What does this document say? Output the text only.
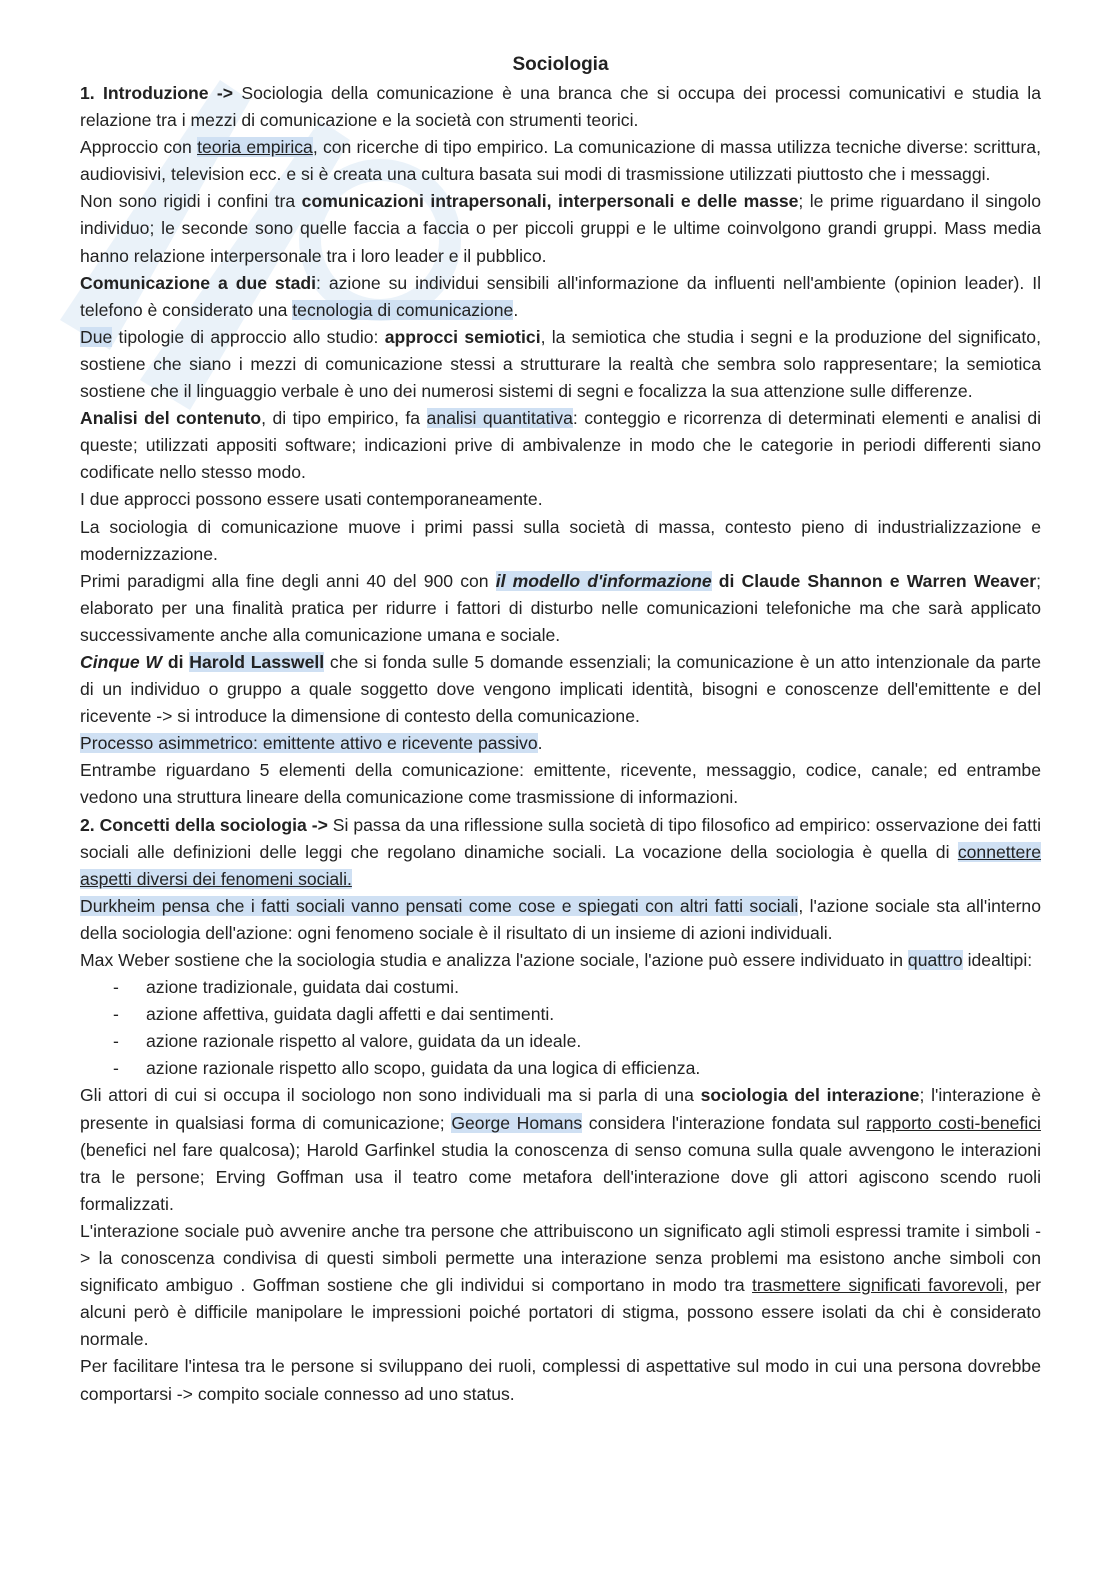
Sociologia

1. Introduzione -> Sociologia della comunicazione è una branca che si occupa dei processi comunicativi e studia la relazione tra i mezzi di comunicazione e la società con strumenti teorici.

Approccio con teoria empirica, con ricerche di tipo empirico. La comunicazione di massa utilizza tecniche diverse: scrittura, audiovisivi, television ecc. e si è creata una cultura basata sui modi di trasmissione utilizzati piuttosto che i messaggi.

Non sono rigidi i confini tra comunicazioni intrapersonali, interpersonali e delle masse; le prime riguardano il singolo individuo; le seconde sono quelle faccia a faccia o per piccoli gruppi e le ultime coinvolgono grandi gruppi. Mass media hanno relazione interpersonale tra i loro leader e il pubblico.

Comunicazione a due stadi: azione su individui sensibili all'informazione da influenti nell'ambiente (opinion leader). Il telefono è considerato una tecnologia di comunicazione.

Due tipologie di approccio allo studio: approcci semiotici, la semiotica che studia i segni e la produzione del significato, sostiene che siano i mezzi di comunicazione stessi a strutturare la realtà che sembra solo rappresentare; la semiotica sostiene che il linguaggio verbale è uno dei numerosi sistemi di segni e focalizza la sua attenzione sulle differenze.

Analisi del contenuto, di tipo empirico, fa analisi quantitativa: conteggio e ricorrenza di determinati elementi e analisi di queste; utilizzati appositi software; indicazioni prive di ambivalenze in modo che le categorie in periodi differenti siano codificate nello stesso modo.

I due approcci possono essere usati contemporaneamente.

La sociologia di comunicazione muove i primi passi sulla società di massa, contesto pieno di industrializzazione e modernizzazione.

Primi paradigmi alla fine degli anni 40 del 900 con il modello d'informazione di Claude Shannon e Warren Weaver; elaborato per una finalità pratica per ridurre i fattori di disturbo nelle comunicazioni telefoniche ma che sarà applicato successivamente anche alla comunicazione umana e sociale.

Cinque W di Harold Lasswell che si fonda sulle 5 domande essenziali; la comunicazione è un atto intenzionale da parte di un individuo o gruppo a quale soggetto dove vengono implicati identità, bisogni e conoscenze dell'emittente e del ricevente -> si introduce la dimensione di contesto della comunicazione.

Processo asimmetrico: emittente attivo e ricevente passivo.

Entrambe riguardano 5 elementi della comunicazione: emittente, ricevente, messaggio, codice, canale; ed entrambe vedono una struttura lineare della comunicazione come trasmissione di informazioni.

2. Concetti della sociologia -> Si passa da una riflessione sulla società di tipo filosofico ad empirico: osservazione dei fatti sociali alle definizioni delle leggi che regolano dinamiche sociali. La vocazione della sociologia è quella di connettere aspetti diversi dei fenomeni sociali.

Durkheim pensa che i fatti sociali vanno pensati come cose e spiegati con altri fatti sociali, l'azione sociale sta all'interno della sociologia dell'azione: ogni fenomeno sociale è il risultato di un insieme di azioni individuali.

Max Weber sostiene che la sociologia studia e analizza l'azione sociale, l'azione può essere individuato in quattro idealtipi:

- azione tradizionale, guidata dai costumi.
- azione affettiva, guidata dagli affetti e dai sentimenti.
- azione razionale rispetto al valore, guidata da un ideale.
- azione razionale rispetto allo scopo, guidata da una logica di efficienza.

Gli attori di cui si occupa il sociologo non sono individuali ma si parla di una sociologia del interazione; l'interazione è presente in qualsiasi forma di comunicazione; George Homans considera l'interazione fondata sul rapporto costi-benefici (benefici nel fare qualcosa); Harold Garfinkel studia la conoscenza di senso comuna sulla quale avvengono le interazioni tra le persone; Erving Goffman usa il teatro come metafora dell'interazione dove gli attori agiscono scendo ruoli formalizzati.

L'interazione sociale può avvenire anche tra persone che attribuiscono un significato agli stimoli espressi tramite i simboli -> la conoscenza condivisa di questi simboli permette una interazione senza problemi ma esistono anche simboli con significato ambiguo . Goffman sostiene che gli individui si comportano in modo tra trasmettere significati favorevoli, per alcuni però è difficile manipolare le impressioni poiché portatori di stigma, possono essere isolati da chi è considerato normale.

Per facilitare l'intesa tra le persone si sviluppano dei ruoli, complessi di aspettative sul modo in cui una persona dovrebbe comportarsi -> compito sociale connesso ad uno status.
